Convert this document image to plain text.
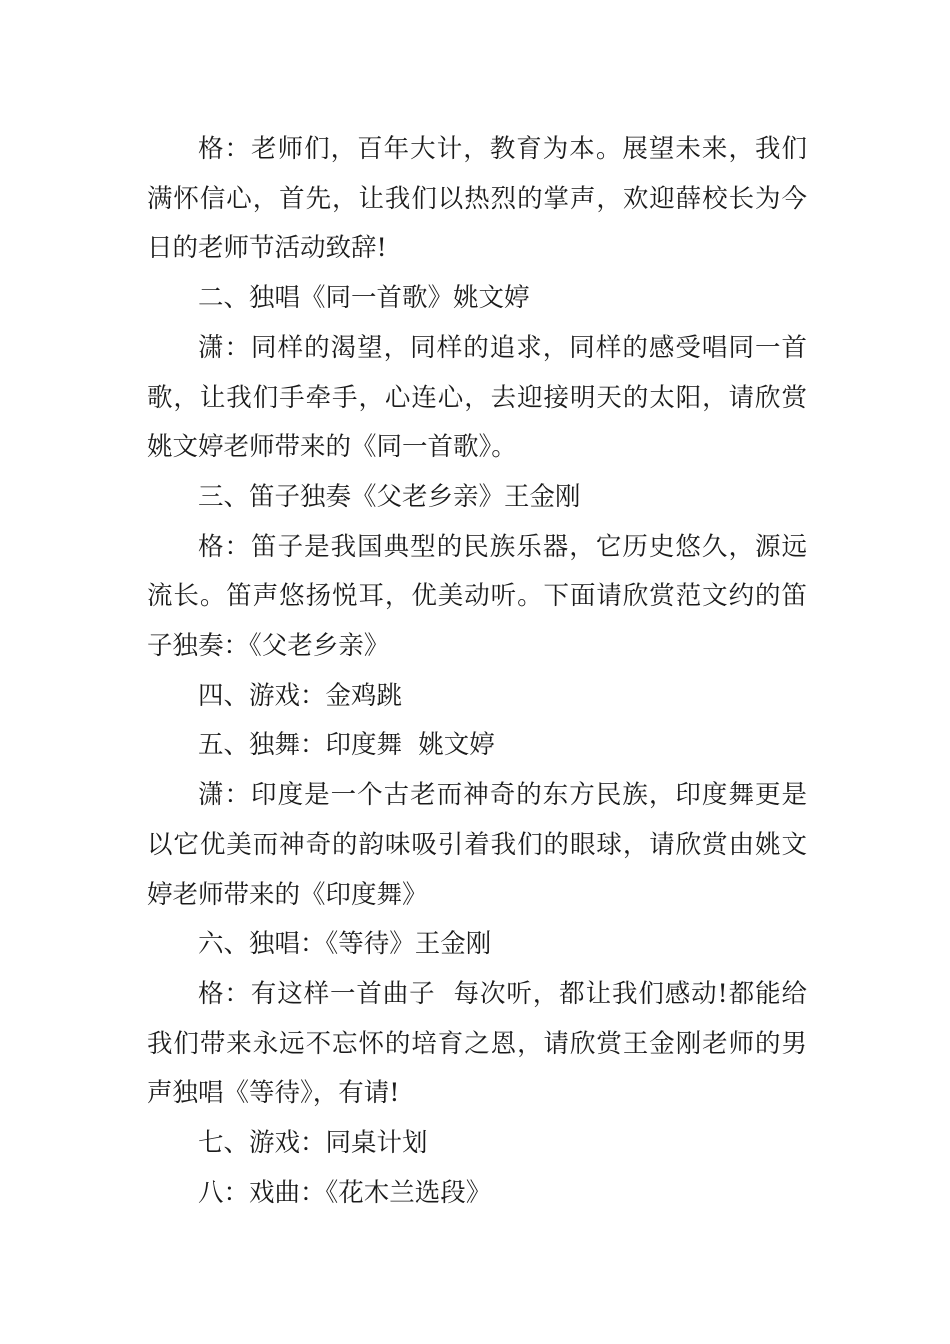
格：老师们，百年大计，教育为本。展望未来，我们满怀信心，首先，让我们以热烈的掌声，欢迎薛校长为今日的老师节活动致辞!

二、独唱《同一首歌》姚文婷

潇：同样的渴望，同样的追求，同样的感受唱同一首歌，让我们手牵手，心连心，去迎接明天的太阳，请欣赏姚文婷老师带来的《同一首歌》。

三、笛子独奏《父老乡亲》王金刚

格：笛子是我国典型的民族乐器，它历史悠久，源远流长。笛声悠扬悦耳，优美动听。下面请欣赏范文约的笛子独奏：《父老乡亲》

四、游戏：金鸡跳

五、独舞：印度舞  姚文婷

潇：印度是一个古老而神奇的东方民族，印度舞更是以它优美而神奇的韵味吸引着我们的眼球，请欣赏由姚文婷老师带来的《印度舞》

六、独唱：《等待》王金刚

格：有这样一首曲子  每次听，都让我们感动!都能给我们带来永远不忘怀的培育之恩，请欣赏王金刚老师的男声独唱《等待》，有请!

七、游戏：同桌计划

八：戏曲：《花木兰选段》
